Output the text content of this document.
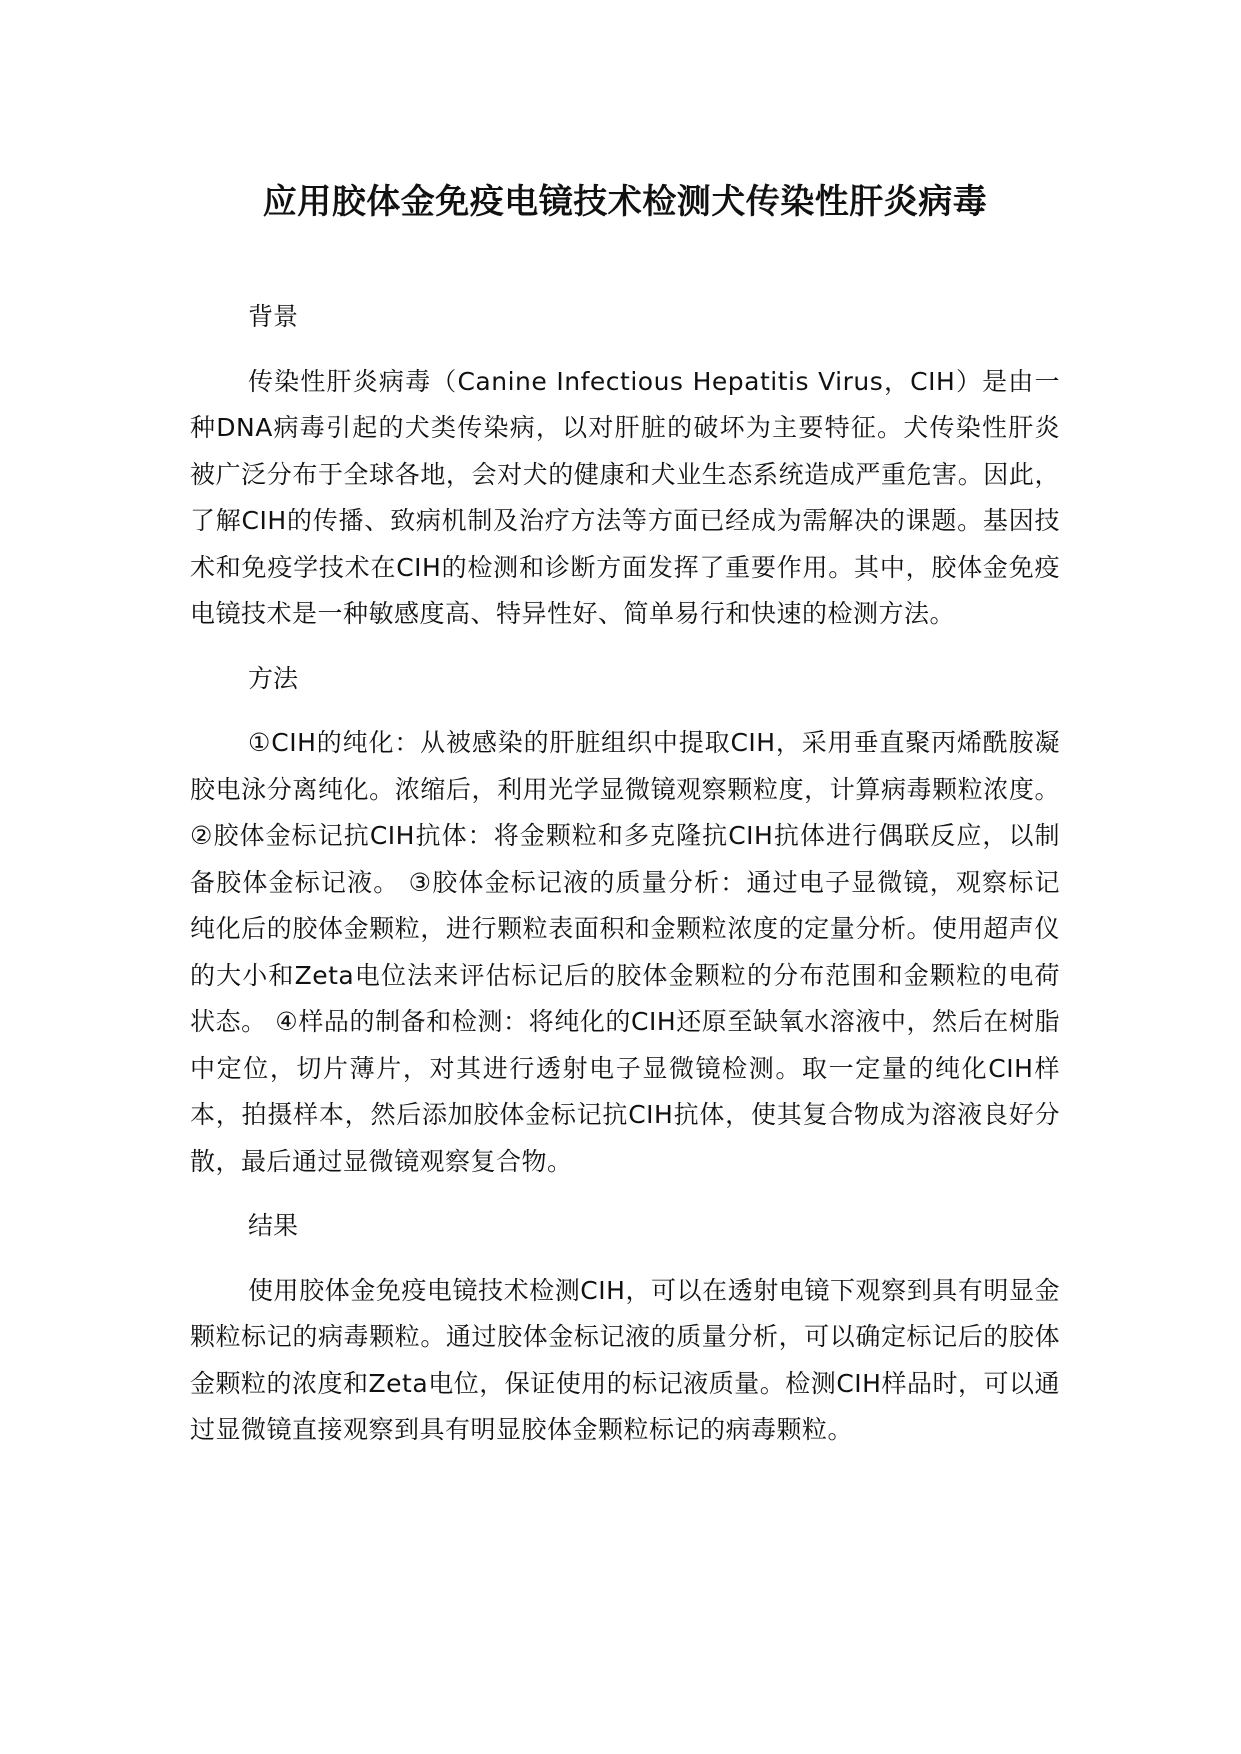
应用胶体金免疫电镜技术检测犬传染性肝炎病毒

背景

传染性肝炎病毒（Canine Infectious Hepatitis Virus，CIH）是由一种DNA病毒引起的犬类传染病，以对肝脏的破坏为主要特征。犬传染性肝炎被广泛分布于全球各地，会对犬的健康和犬业生态系统造成严重危害。因此，了解CIH的传播、致病机制及治疗方法等方面已经成为需解决的课题。基因技术和免疫学技术在CIH的检测和诊断方面发挥了重要作用。其中，胶体金免疫电镜技术是一种敏感度高、特异性好、简单易行和快速的检测方法。

方法

①CIH的纯化：从被感染的肝脏组织中提取CIH，采用垂直聚丙烯酰胺凝胶电泳分离纯化。浓缩后，利用光学显微镜观察颗粒度，计算病毒颗粒浓度。 ②胶体金标记抗CIH抗体：将金颗粒和多克隆抗CIH抗体进行偶联反应，以制备胶体金标记液。 ③胶体金标记液的质量分析：通过电子显微镜，观察标记纯化后的胶体金颗粒，进行颗粒表面积和金颗粒浓度的定量分析。使用超声仪的大小和Zeta电位法来评估标记后的胶体金颗粒的分布范围和金颗粒的电荷状态。 ④样品的制备和检测：将纯化的CIH还原至缺氧水溶液中，然后在树脂中定位，切片薄片，对其进行透射电子显微镜检测。取一定量的纯化CIH样本，拍摄样本，然后添加胶体金标记抗CIH抗体，使其复合物成为溶液良好分散，最后通过显微镜观察复合物。

结果

使用胶体金免疫电镜技术检测CIH，可以在透射电镜下观察到具有明显金颗粒标记的病毒颗粒。通过胶体金标记液的质量分析，可以确定标记后的胶体金颗粒的浓度和Zeta电位，保证使用的标记液质量。检测CIH样品时，可以通过显微镜直接观察到具有明显胶体金颗粒标记的病毒颗粒。
